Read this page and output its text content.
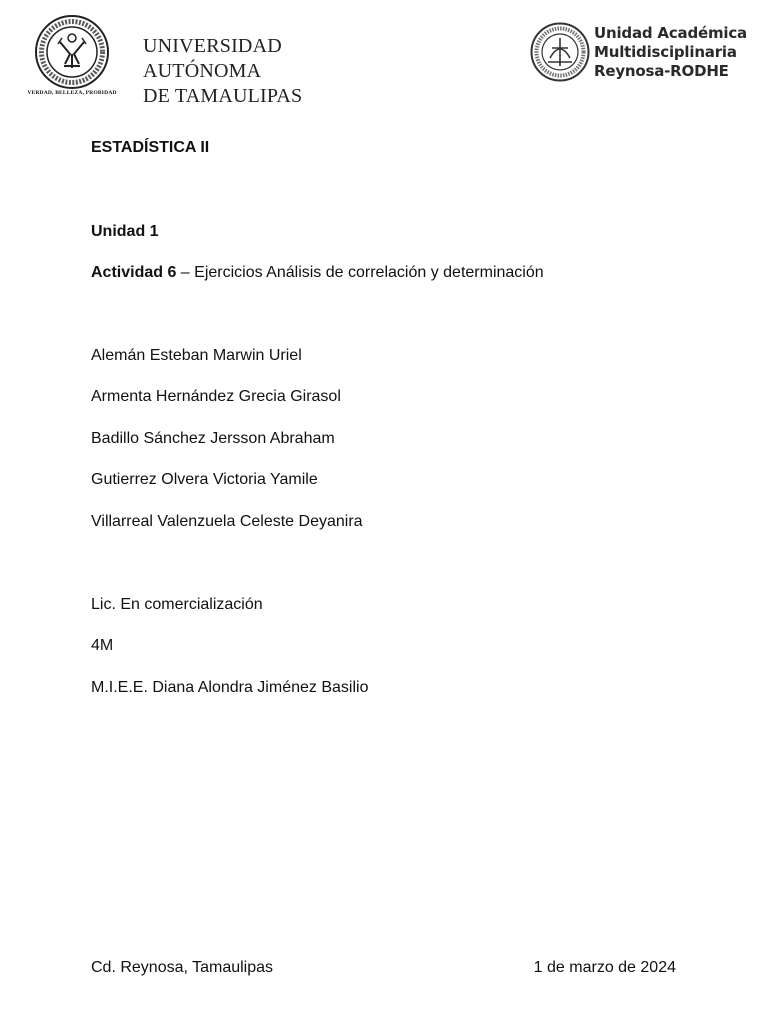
VERDAD, BELLEZA, PROBIDAD
UNIVERSIDAD AUTÓNOMA
DE TAMAULIPAS
Unidad Académica
Multidisciplinaria
Reynosa-RODHE

ESTADÍSTICA II

Unidad 1

Actividad 6 – Ejercicios Análisis de correlación y determinación

Alemán Esteban Marwin Uriel

Armenta Hernández Grecia Girasol

Badillo Sánchez Jersson Abraham

Gutierrez Olvera Victoria Yamile

Villarreal Valenzuela Celeste Deyanira

Lic. En comercialización

4M

M.I.E.E. Diana Alondra Jiménez Basilio

Cd. Reynosa, Tamaulipas	1 de marzo de 2024
